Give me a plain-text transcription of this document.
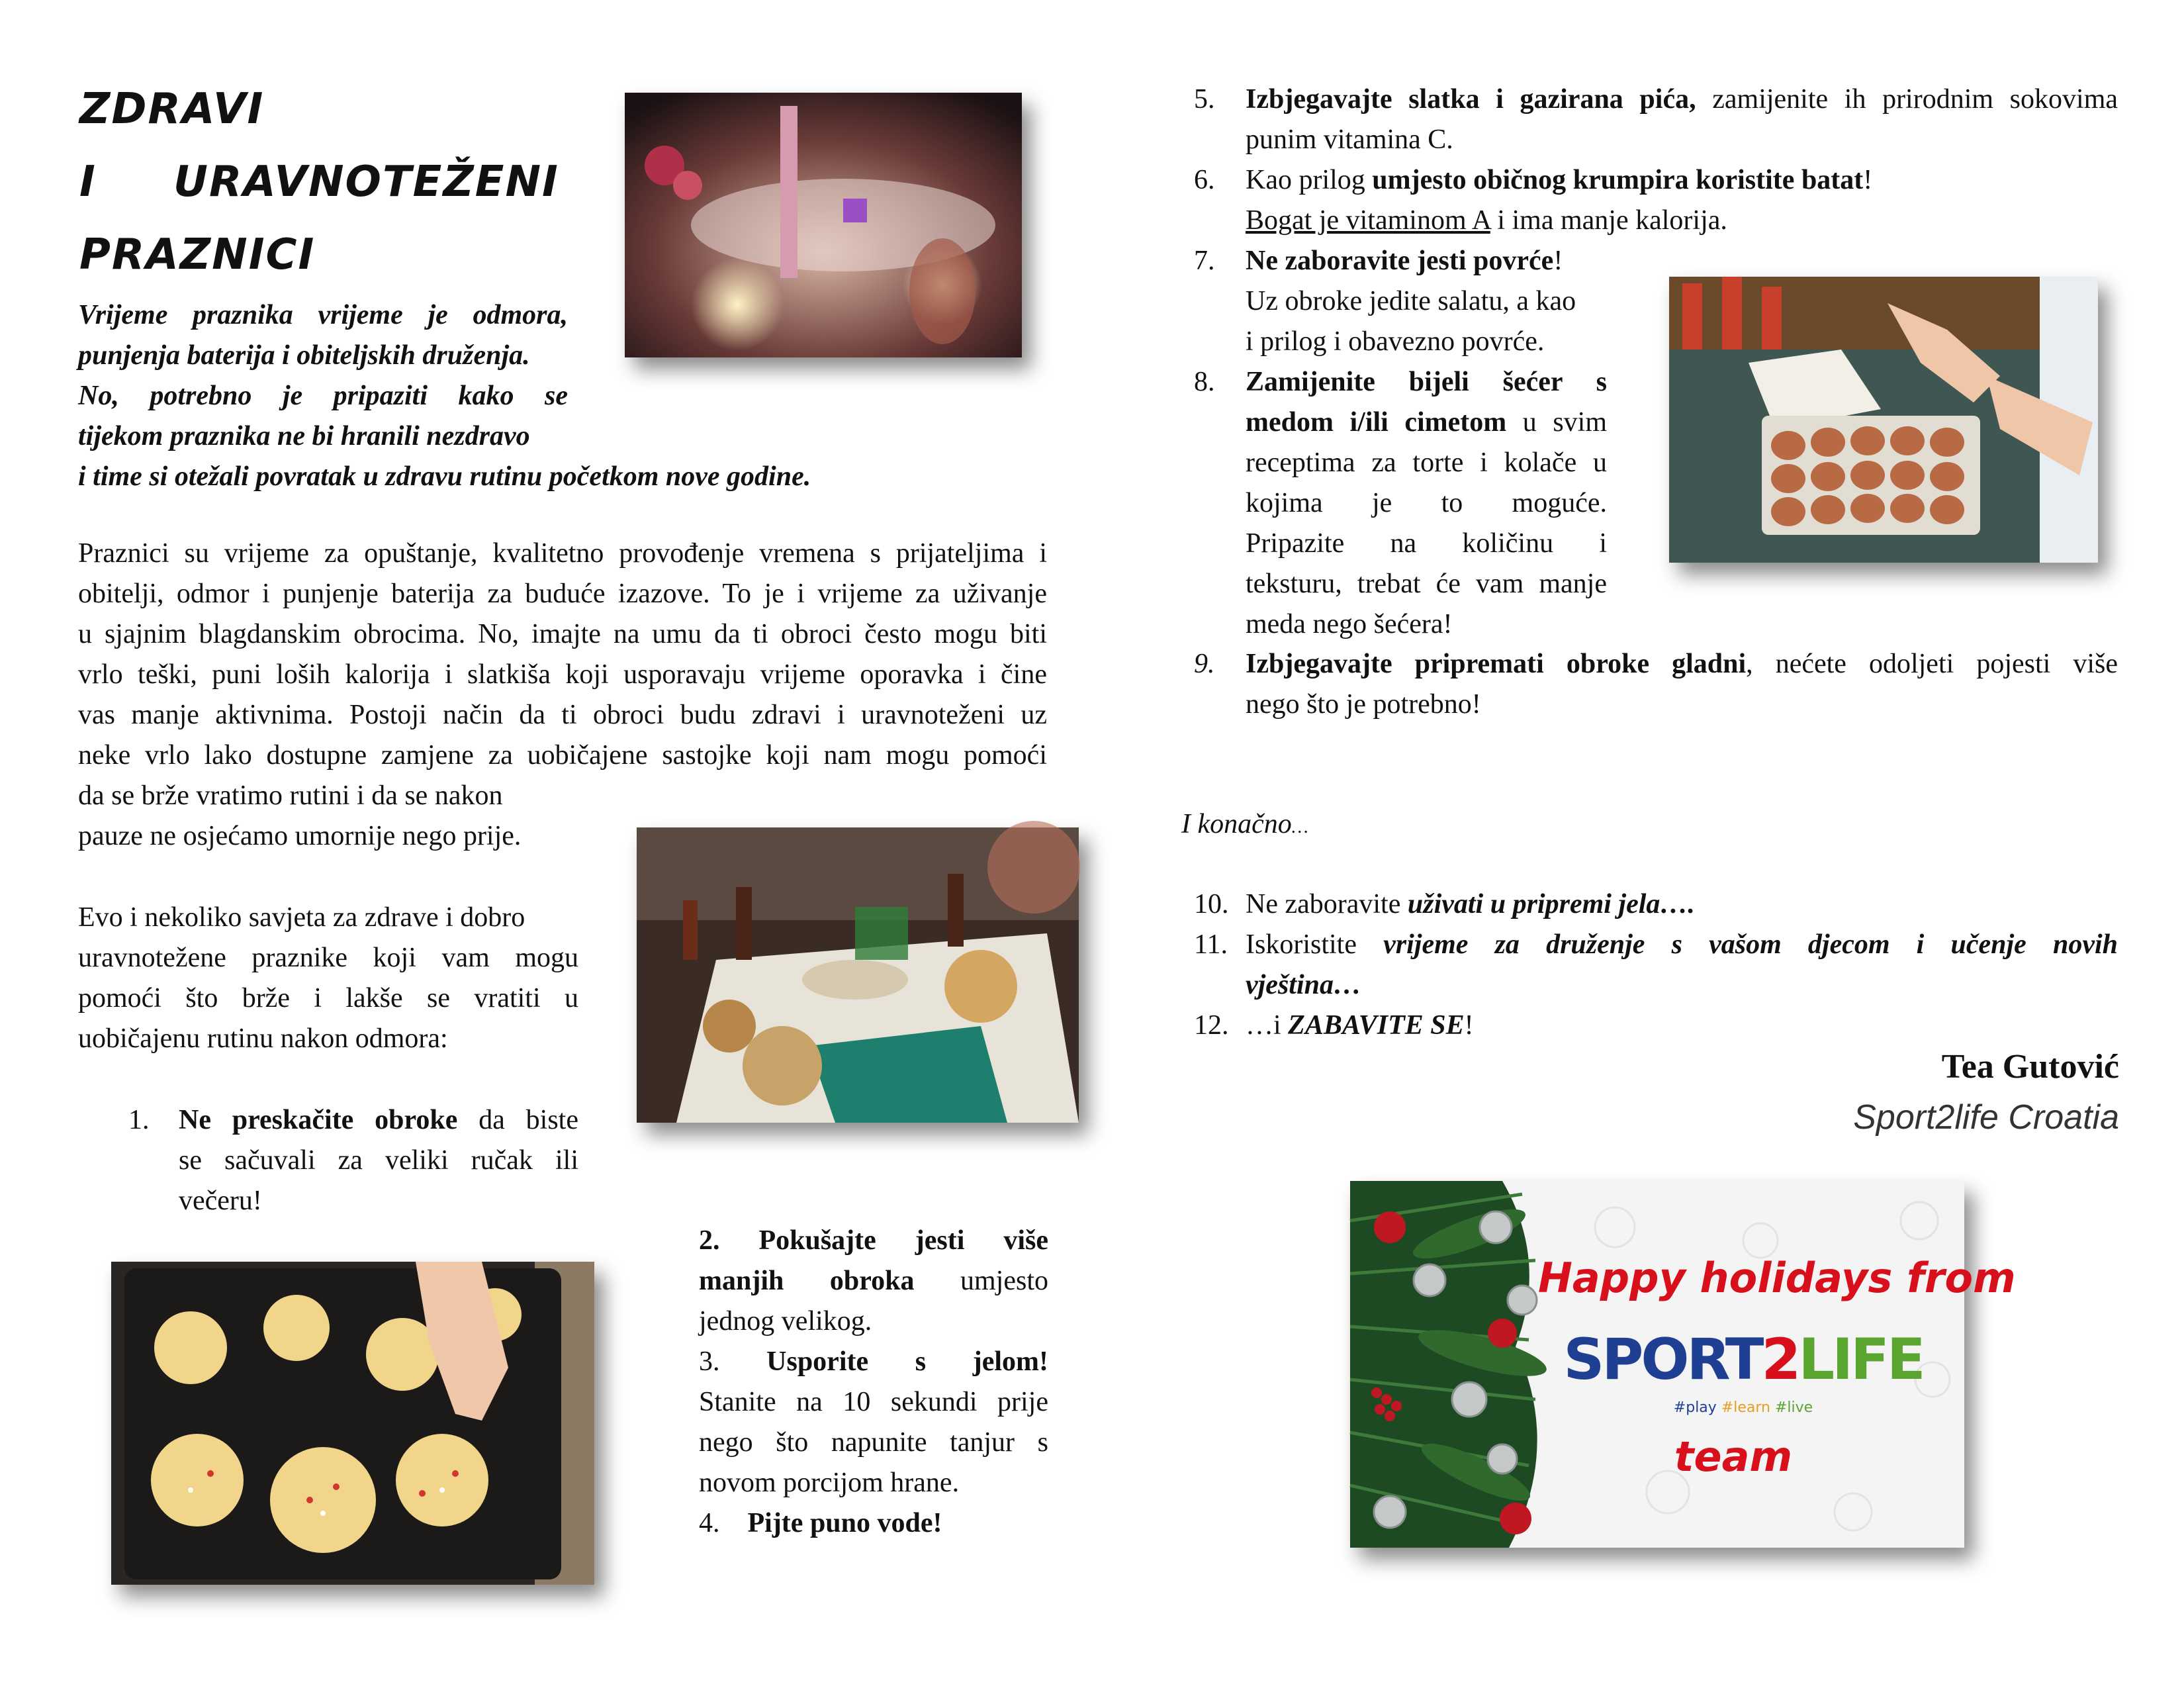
ZDRAVI
I URAVNOTEŽENI
PRAZNICI
Vrijeme praznika vrijeme je odmora,
punjenja baterija i obiteljskih druženja.
No, potrebno je pripaziti kako se
tijekom praznika ne bi hranili nezdravo
i time si otežali povratak u zdravu rutinu početkom nove godine.
Praznici su vrijeme za opuštanje, kvalitetno provođenje vremena s prijateljima i
obitelji, odmor i punjenje baterija za buduće izazove. To je i vrijeme za uživanje
u sjajnim blagdanskim obrocima. No, imajte na umu da ti obroci često mogu biti
vrlo teški, puni loših kalorija i slatkiša koji usporavaju vrijeme oporavka i čine
vas manje aktivnima. Postoji način da ti obroci budu zdravi i uravnoteženi uz
neke vrlo lako dostupne zamjene za uobičajene sastojke koji nam mogu pomoći
da se brže vratimo rutini i da se nakon
pauze ne osjećamo umornije nego prije.
Evo i nekoliko savjeta za zdrave i dobro
uravnotežene praznike koji vam mogu
pomoći što brže i lakše se vratiti u
uobičajenu rutinu nakon odmora:
1. Ne preskačite obroke da biste
se sačuvali za veliki ručak ili
večeru!
2. Pokušajte jesti više
manjih obroka umjesto
jednog velikog.
3. Usporite s jelom!
Stanite na 10 sekundi prije
nego što napunite tanjur s
novom porcijom hrane.
4. Pijte puno vode!
5. Izbjegavajte slatka i gazirana pića, zamijenite ih prirodnim sokovima
punim vitamina C.
6. Kao prilog umjesto običnog krumpira koristite batat!
Bogat je vitaminom A i ima manje kalorija.
7. Ne zaboravite jesti povrće!
Uz obroke jedite salatu, a kao
i prilog i obavezno povrće.
8. Zamijenite bijeli šećer s
medom i/ili cimetom u svim
receptima za torte i kolače u
kojima je to moguće.
Pripazite na količinu i
teksturu, trebat će vam manje
meda nego šećera!
9. Izbjegavajte pripremati obroke gladni, nećete odoljeti pojesti više
nego što je potrebno!
I konačno…
10. Ne zaboravite uživati u pripremi jela….
11. Iskoristite vrijeme za druženje s vašom djecom i učenje novih
vještina…
12. …i ZABAVITE SE!
Tea Gutović
Sport2life Croatia
Happy holidays from
SPORT2LIFE
#play #learn #live
team
